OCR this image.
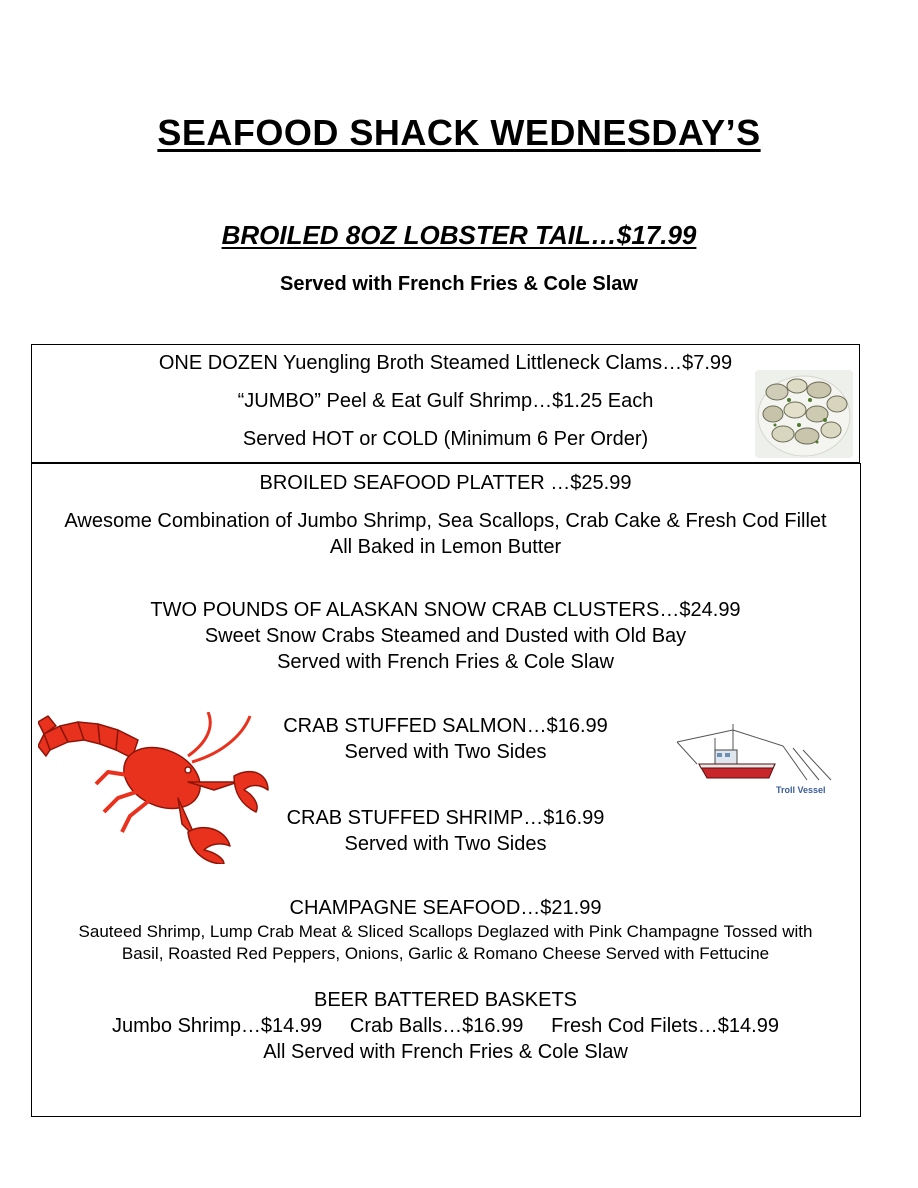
SEAFOOD SHACK WEDNESDAY’S
BROILED 8OZ LOBSTER TAIL…$17.99
Served with French Fries & Cole Slaw
ONE DOZEN Yuengling Broth Steamed Littleneck Clams…$7.99
“JUMBO” Peel & Eat Gulf Shrimp…$1.25 Each
Served HOT or COLD (Minimum 6 Per Order)
BROILED SEAFOOD PLATTER …$25.99
Awesome Combination of Jumbo Shrimp, Sea Scallops, Crab Cake & Fresh Cod Fillet
All Baked in Lemon Butter
TWO POUNDS OF ALASKAN SNOW CRAB CLUSTERS…$24.99
Sweet Snow Crabs Steamed and Dusted with Old Bay
Served with French Fries & Cole Slaw
CRAB STUFFED SALMON…$16.99
Served with Two Sides
CRAB STUFFED SHRIMP…$16.99
Served with Two Sides
CHAMPAGNE SEAFOOD…$21.99
Sauteed Shrimp, Lump Crab Meat & Sliced Scallops Deglazed with Pink Champagne Tossed with
Basil, Roasted Red Peppers, Onions, Garlic & Romano Cheese Served with Fettucine
BEER BATTERED BASKETS
Jumbo Shrimp…$14.99     Crab Balls…$16.99     Fresh Cod Filets…$14.99
All Served with French Fries & Cole Slaw
Troll Vessel
